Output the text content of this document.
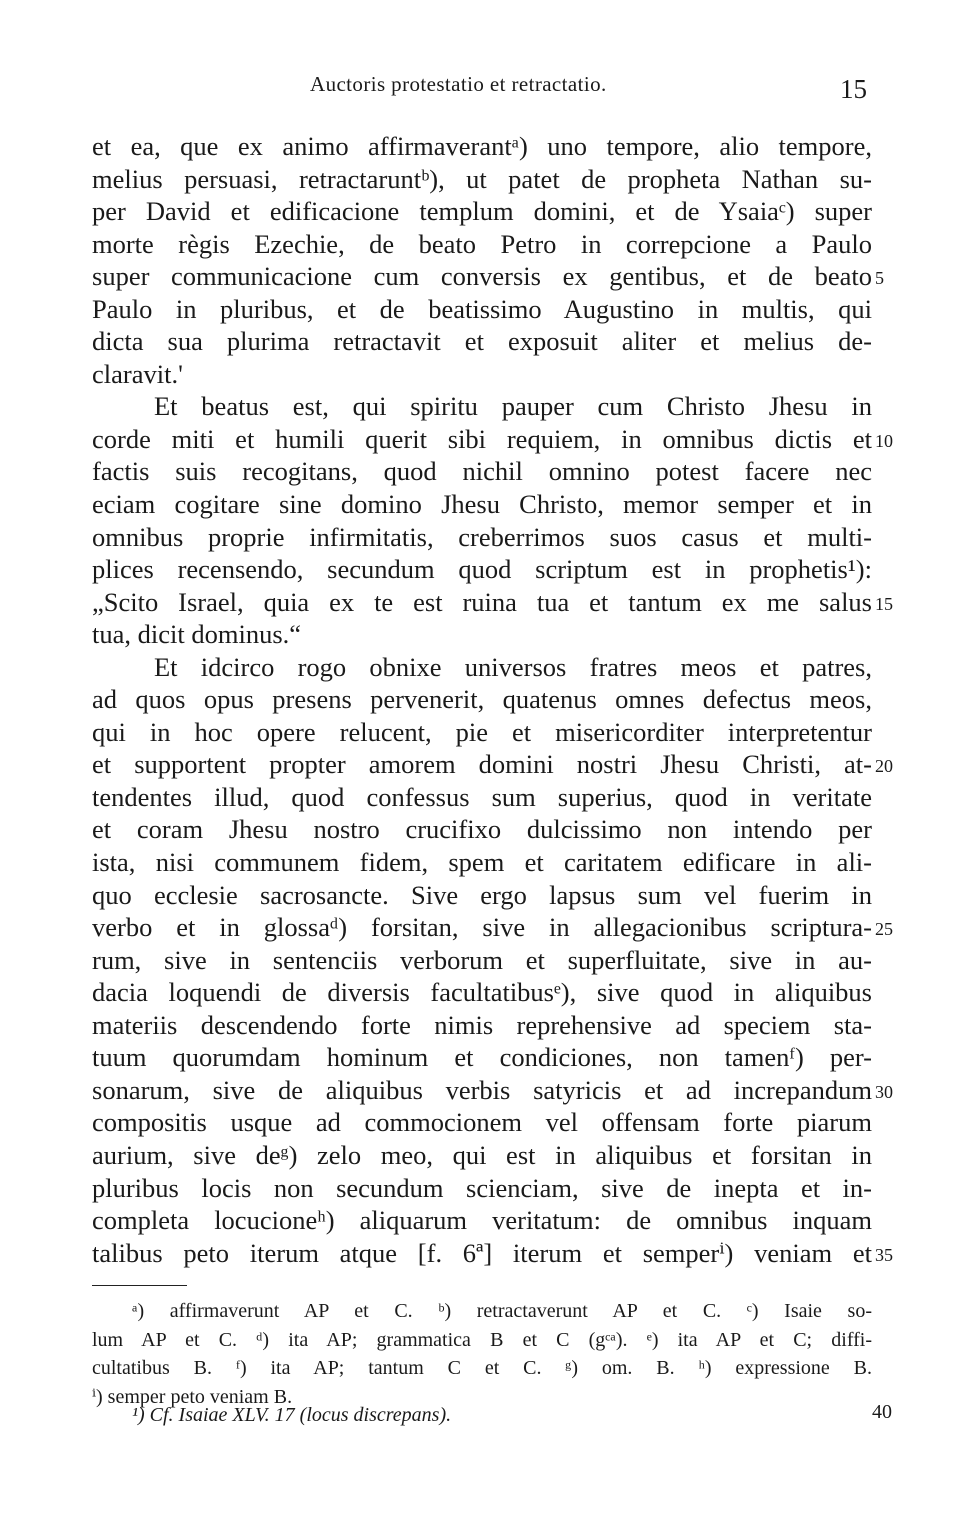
Auctoris protestatio et retractatio.	15
et ea, que ex animo affirmaverantᵃ) uno tempore, alio tempore,
melius persuasi, retractaruntᵇ), ut patet de propheta Nathan su-
per David et edificacione templum domini, et de Ysaiaᶜ) super
morte règis Ezechie, de beato Petro in correpcione a Paulo
super communicacione cum conversis ex gentibus, et de beato 5
Paulo in pluribus, et de beatissimo Augustino in multis, qui
dicta sua plurima retractavit et exposuit aliter et melius de-
claravit.'
Et beatus est, qui spiritu pauper cum Christo Jhesu in
corde miti et humili querit sibi requiem, in omnibus dictis et 10
factis suis recogitans, quod nichil omnino potest facere nec
eciam cogitare sine domino Jhesu Christo, memor semper et in
omnibus proprie infirmitatis, creberrimos suos casus et multi-
plices recensendo, secundum quod scriptum est in prophetis¹):
„Scito Israel, quia ex te est ruina tua et tantum ex me salus 15
tua, dicit dominus.“
Et idcirco rogo obnixe universos fratres meos et patres,
ad quos opus presens pervenerit, quatenus omnes defectus meos,
qui in hoc opere relucent, pie et misericorditer interpretentur
et supportent propter amorem domini nostri Jhesu Christi, at- 20
tendentes illud, quod confessus sum superius, quod in veritate
et coram Jhesu nostro crucifixo dulcissimo non intendo per
ista, nisi communem fidem, spem et caritatem edificare in ali-
quo ecclesie sacrosancte. Sive ergo lapsus sum vel fuerim in
verbo et in glossaᵈ) forsitan, sive in allegacionibus scriptura- 25
rum, sive in sentenciis verborum et superfluitate, sive in au-
dacia loquendi de diversis facultatibusᵉ), sive quod in aliquibus
materiis descendendo forte nimis reprehensive ad speciem sta-
tuum quorumdam hominum et condiciones, non tamenᶠ) per-
sonarum, sive de aliquibus verbis satyricis et ad increpandum 30
compositis usque ad commocionem vel offensam forte piarum
aurium, sive deᵍ) zelo meo, qui est in aliquibus et forsitan in
pluribus locis non secundum scienciam, sive de inepta et in-
completa locucioneʰ) aliquarum veritatum: de omnibus inquam
talibus peto iterum atque [f. 6ª] iterum et semperⁱ) veniam et 35
ᵃ) affirmaverunt AP et C. ᵇ) retractaverunt AP et C. ᶜ) Isaie so-
lum AP et C. ᵈ) ita AP; grammatica B et C (gᶜᵃ). ᵉ) ita AP et C; diffi-
cultatibus B. ᶠ) ita AP; tantum C et C. ᵍ) om. B. ʰ) expressione B.
ⁱ) semper peto veniam B.
¹) Cf. Isaiae XLV. 17 (locus discrepans).	40
